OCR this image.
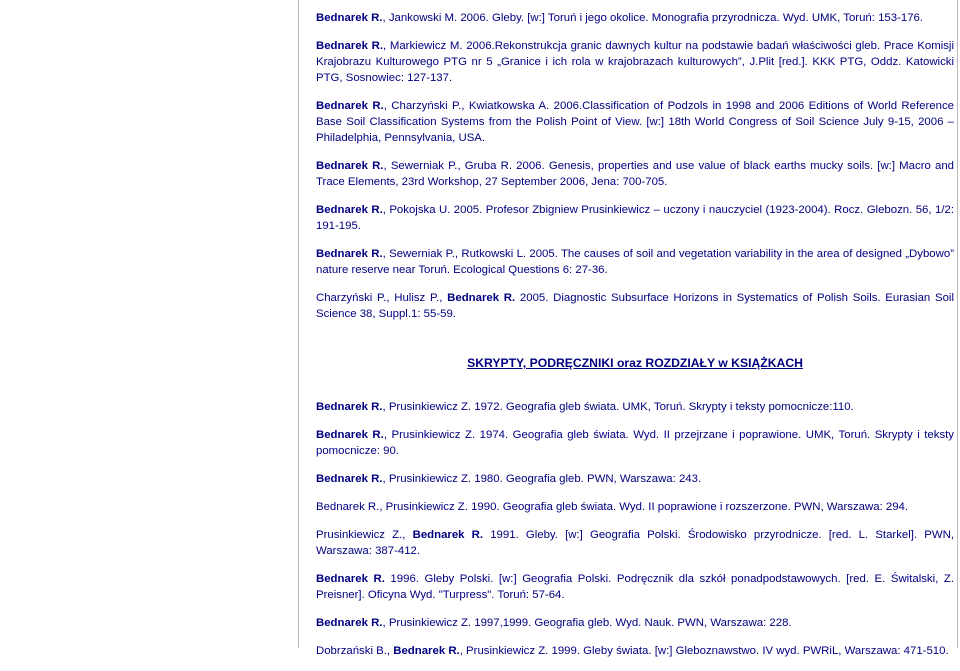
Bednarek R., Jankowski M. 2006. Gleby. [w:] Toruń i jego okolice. Monografia przyrodnicza. Wyd. UMK, Toruń: 153-176.

Bednarek R., Markiewicz M. 2006.Rekonstrukcja granic dawnych kultur na podstawie badań właściwości gleb. Prace Komisji Krajobrazu Kulturowego PTG nr 5 „Granice i ich rola w krajobrazach kulturowych”, J.Plit [red.]. KKK PTG, Oddz. Katowicki PTG, Sosnowiec: 127-137.

Bednarek R., Charzyński P., Kwiatkowska A. 2006.Classification of Podzols in 1998 and 2006 Editions of World Reference Base Soil Classification Systems from the Polish Point of View. [w:] 18th World Congress of Soil Science July 9-15, 2006 – Philadelphia, Pennsylvania, USA.

Bednarek R., Sewerniak P., Gruba R. 2006. Genesis, properties and use value of black earths mucky soils. [w:] Macro and Trace Elements, 23rd Workshop, 27 September 2006, Jena: 700-705.

Bednarek R., Pokojska U. 2005. Profesor Zbigniew Prusinkiewicz – uczony i nauczyciel (1923-2004). Rocz. Glebozn. 56, 1/2: 191-195.

Bednarek R., Sewerniak P., Rutkowski L. 2005. The causes of soil and vegetation variability in the area of designed „Dybowo” nature reserve near Toruń. Ecological Questions 6: 27-36.

Charzyński P., Hulisz P., Bednarek R. 2005. Diagnostic Subsurface Horizons in Systematics of Polish Soils. Eurasian Soil Science 38, Suppl.1: 55-59.

SKRYPTY, PODRĘCZNIKI oraz ROZDZIAŁY w KSIĄŻKACH

Bednarek R., Prusinkiewicz Z. 1972. Geografia gleb świata. UMK, Toruń. Skrypty i teksty pomocnicze:110.

Bednarek R., Prusinkiewicz Z. 1974. Geografia gleb świata. Wyd. II przejrzane i poprawione. UMK, Toruń. Skrypty i teksty pomocnicze: 90.

Bednarek R., Prusinkiewicz Z. 1980. Geografia gleb. PWN, Warszawa: 243.

Bednarek R., Prusinkiewicz Z. 1990. Geografia gleb świata. Wyd. II poprawione i rozszerzone. PWN, Warszawa: 294.

Prusinkiewicz Z., Bednarek R. 1991. Gleby. [w:] Geografia Polski. Środowisko przyrodnicze. [red. L. Starkel]. PWN, Warszawa: 387-412.

Bednarek R. 1996. Gleby Polski. [w:] Geografia Polski. Podręcznik dla szkół ponadpodstawowych. [red. E. Świtalski, Z. Preisner]. Oficyna Wyd. "Turpress". Toruń: 57-64.

Bednarek R., Prusinkiewicz Z. 1997,1999. Geografia gleb. Wyd. Nauk. PWN, Warszawa: 228.

Dobrzański B., Bednarek R., Prusinkiewicz Z. 1999. Gleby świata. [w:] Gleboznawstwo. IV wyd. PWRiL, Warszawa: 471-510.
